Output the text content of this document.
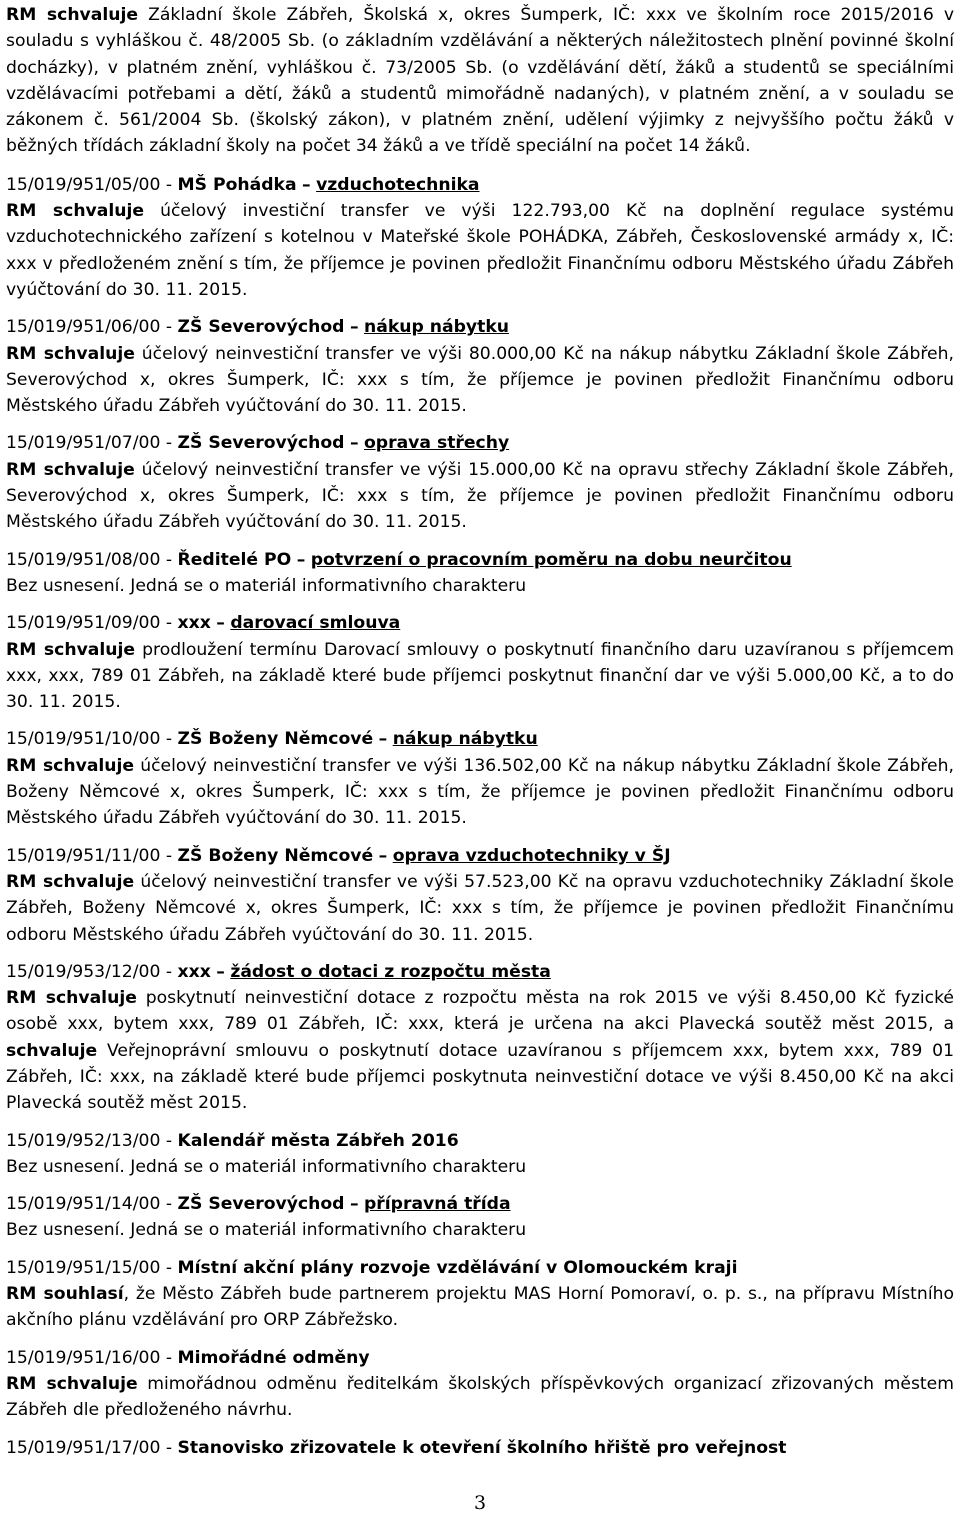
RM schvaluje Základní škole Zábřeh, Školská x, okres Šumperk, IČ: xxx ve školním roce 2015/2016 v souladu s vyhláškou č. 48/2005 Sb. (o základním vzdělávání a některých náležitostech plnění povinné školní docházky), v platném znění, vyhláškou č. 73/2005 Sb. (o vzdělávání dětí, žáků a studentů se speciálními vzdělávacími potřebami a dětí, žáků a studentů mimořádně nadaných), v platném znění, a v souladu se zákonem č. 561/2004 Sb. (školský zákon), v platném znění, udělení výjimky z nejvyššího počtu žáků v běžných třídách základní školy na počet 34 žáků a ve třídě speciální na počet 14 žáků.

15/019/951/05/00 - MŠ Pohádka – vzduchotechnika

RM schvaluje účelový investiční transfer ve výši 122.793,00 Kč na doplnění regulace systému vzduchotechnického zařízení s kotelnou v Mateřské škole POHÁDKA, Zábřeh, Československé armády x, IČ: xxx v předloženém znění s tím, že příjemce je povinen předložit Finančnímu odboru Městského úřadu Zábřeh vyúčtování do 30. 11. 2015.

15/019/951/06/00 - ZŠ Severovýchod – nákup nábytku

RM schvaluje účelový neinvestiční transfer ve výši 80.000,00 Kč na nákup nábytku Základní škole Zábřeh, Severovýchod x, okres Šumperk, IČ: xxx s tím, že příjemce je povinen předložit Finančnímu odboru Městského úřadu Zábřeh vyúčtování do 30. 11. 2015.

15/019/951/07/00 - ZŠ Severovýchod – oprava střechy

RM schvaluje účelový neinvestiční transfer ve výši 15.000,00 Kč na opravu střechy Základní škole Zábřeh, Severovýchod x, okres Šumperk, IČ: xxx s tím, že příjemce je povinen předložit Finančnímu odboru Městského úřadu Zábřeh vyúčtování do 30. 11. 2015.

15/019/951/08/00 - Ředitelé PO – potvrzení o pracovním poměru na dobu neurčitou

Bez usnesení. Jedná se o materiál informativního charakteru

15/019/951/09/00 - xxx – darovací smlouva

RM schvaluje prodloužení termínu Darovací smlouvy o poskytnutí finančního daru uzavíranou s příjemcem xxx, xxx, 789 01 Zábřeh, na základě které bude příjemci poskytnut finanční dar ve výši 5.000,00 Kč, a to do 30. 11. 2015.

15/019/951/10/00 - ZŠ Boženy Němcové – nákup nábytku

RM schvaluje účelový neinvestiční transfer ve výši 136.502,00 Kč na nákup nábytku Základní škole Zábřeh, Boženy Němcové x, okres Šumperk, IČ: xxx s tím, že příjemce je povinen předložit Finančnímu odboru Městského úřadu Zábřeh vyúčtování do 30. 11. 2015.

15/019/951/11/00 - ZŠ Boženy Němcové – oprava vzduchotechniky v ŠJ

RM schvaluje účelový neinvestiční transfer ve výši 57.523,00 Kč na opravu vzduchotechniky Základní škole Zábřeh, Boženy Němcové x, okres Šumperk, IČ: xxx s tím, že příjemce je povinen předložit Finančnímu odboru Městského úřadu Zábřeh vyúčtování do 30. 11. 2015.

15/019/953/12/00 - xxx – žádost o dotaci z rozpočtu města

RM schvaluje poskytnutí neinvestiční dotace z rozpočtu města na rok 2015 ve výši 8.450,00 Kč fyzické osobě xxx, bytem xxx, 789 01 Zábřeh, IČ: xxx, která je určena na akci Plavecká soutěž měst 2015, a schvaluje Veřejnoprávní smlouvu o poskytnutí dotace uzavíranou s příjemcem xxx, bytem xxx, 789 01 Zábřeh, IČ: xxx, na základě které bude příjemci poskytnuta neinvestiční dotace ve výši 8.450,00 Kč na akci Plavecká soutěž měst 2015.

15/019/952/13/00 - Kalendář města Zábřeh 2016

Bez usnesení. Jedná se o materiál informativního charakteru

15/019/951/14/00 - ZŠ Severovýchod – přípravná třída

Bez usnesení. Jedná se o materiál informativního charakteru

15/019/951/15/00 - Místní akční plány rozvoje vzdělávání v Olomouckém kraji

RM souhlasí, že Město Zábřeh bude partnerem projektu MAS Horní Pomoraví, o. p. s., na přípravu Místního akčního plánu vzdělávání pro ORP Zábřežsko.

15/019/951/16/00 - Mimořádné odměny

RM schvaluje mimořádnou odměnu ředitelkám školských příspěvkových organizací zřizovaných městem Zábřeh dle předloženého návrhu.

15/019/951/17/00 - Stanovisko zřizovatele k otevření školního hřiště pro veřejnost

3
